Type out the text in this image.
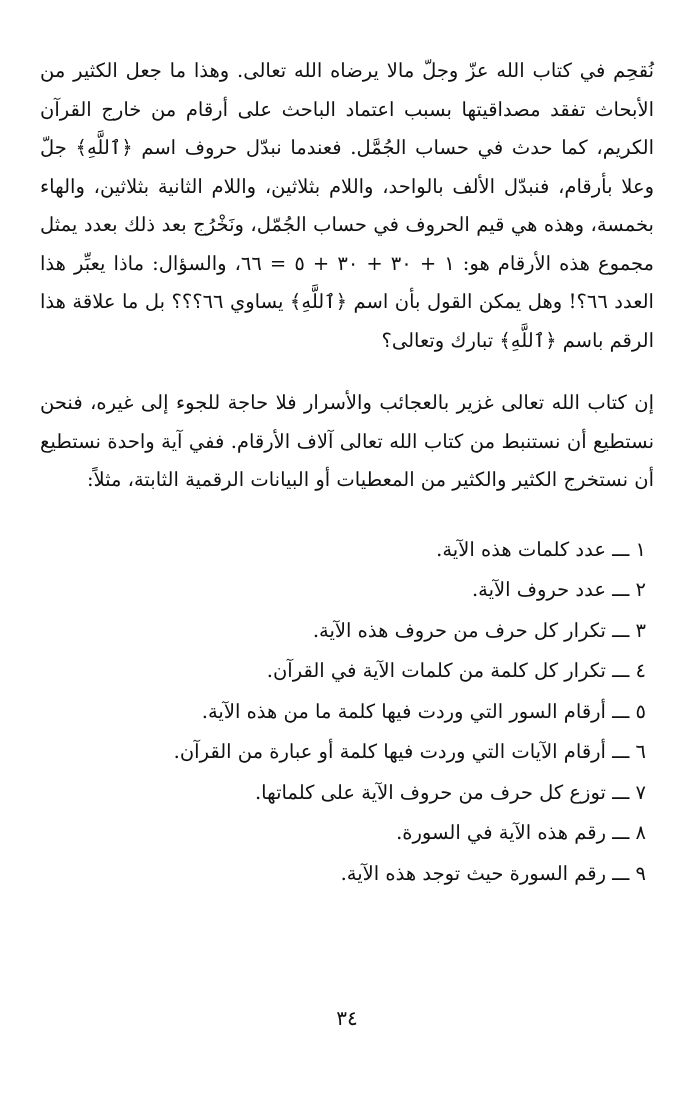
نُقحِم في كتاب الله عزّ وجلّ مالا يرضاه الله تعالى. وهذا ما جعل الكثير من الأبحاث تفقد مصداقيتها بسبب اعتماد الباحث على أرقام من خارج القرآن الكريم، كما حدث في حساب الجُمَّل. فعندما نبدّل حروف اسم ﴿ٱللَّهِ﴾ جلّ وعلا بأرقام، فنبدّل الألف بالواحد، واللام بثلاثين، واللام الثانية بثلاثين، والهاء بخمسة، وهذه هي قيم الحروف في حساب الجُمّل، ونَخْرُج بعد ذلك بعدد يمثل مجموع هذه الأرقام هو: ١ + ٣٠ + ٣٠ + ٥ = ٦٦، والسؤال: ماذا يعبِّر هذا العدد ٦٦؟! وهل يمكن القول بأن اسم ﴿ٱللَّهِ﴾ يساوي ٦٦؟؟؟ بل ما علاقة هذا الرقم باسم ﴿ٱللَّهِ﴾ تبارك وتعالى؟

إن كتاب الله تعالى غزير بالعجائب والأسرار فلا حاجة للجوء إلى غيره، فنحن نستطيع أن نستنبط من كتاب الله تعالى آلاف الأرقام. ففي آية واحدة نستطيع أن نستخرج الكثير والكثير من المعطيات أو البيانات الرقمية الثابتة، مثلاً:

١ ـــ عدد كلمات هذه الآية.
٢ ـــ عدد حروف الآية.
٣ ـــ تكرار كل حرف من حروف هذه الآية.
٤ ـــ تكرار كل كلمة من كلمات الآية في القرآن.
٥ ـــ أرقام السور التي وردت فيها كلمة ما من هذه الآية.
٦ ـــ أرقام الآيات التي وردت فيها كلمة أو عبارة من القرآن.
٧ ـــ توزع كل حرف من حروف الآية على كلماتها.
٨ ـــ رقم هذه الآية في السورة.
٩ ـــ رقم السورة حيث توجد هذه الآية.
٣٤
